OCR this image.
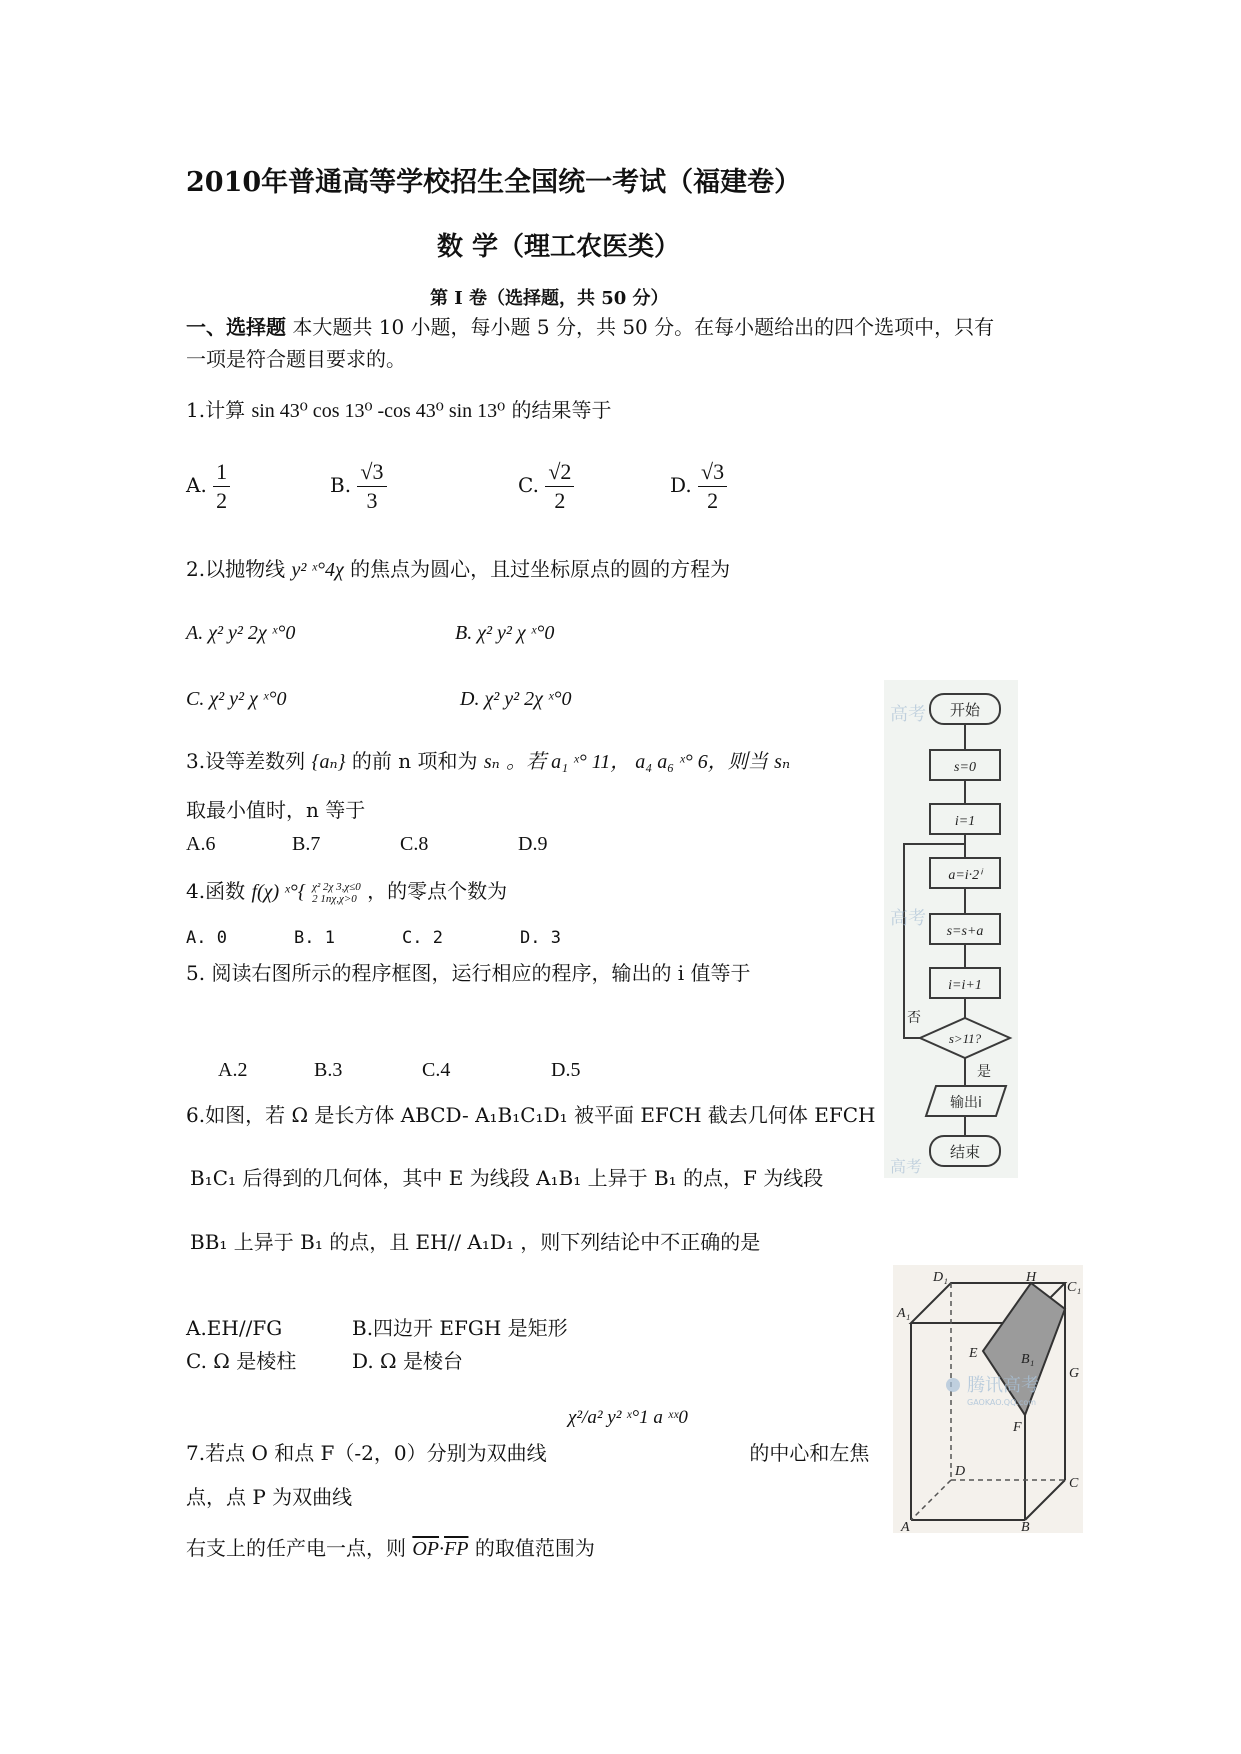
2010年普通高等学校招生全国统一考试（福建卷）
数 学（理工农医类）
第 I 卷（选择题，共 50 分）
一、选择题 本大题共 10 小题，每小题 5 分，共 50 分。在每小题给出的四个选项中，只有
一项是符合题目要求的。
1.计算 sin 43⁰ cos 13⁰ -cos 43⁰ sin 13⁰ 的结果等于
A. $\frac{1}{2}$	B. $\frac{√3}{3}$	C. $\frac{√2}{2}$	D. $\frac{√3}{2}$
2.以抛物线 y² ˣ°4χ 的焦点为圆心，且过坐标原点的圆的方程为
A. χ² y² 2χ ˣ°0	B. χ² y² χ ˣ°0
C. χ² y² χ ˣ°0	D. χ² y² 2χ ˣ°0
3.设等差数列 {aₙ} 的前 n 项和为 sₙ 。若 a₁ ˣ° 11， a₄ a₆ ˣ° 6，则当 sₙ
取最小值时，n 等于
A.6	B.7	C.8	D.9
4.函数 f(χ) ˣ°{ χ² 2χ 3,χ≤0
2 1nχ,χ>0 ，的零点个数为
A. 0	B. 1	C. 2	D. 3
5. 阅读右图所示的程序框图，运行相应的程序，输出的 i 值等于
A.2	B.3	C.4	D.5
开始
s=0
i=1
a=i·2ⁱ
s=s+a
i=i+1
s>11?
否
是
输出i
结束
高考
高考
高考
6.如图，若 Ω 是长方体 ABCD- A₁B₁C₁D₁ 被平面 EFCH 截去几何体 EFCH
B₁C₁ 后得到的几何体，其中 E 为线段 A₁B₁ 上异于 B₁ 的点，F 为线段
BB₁ 上异于 B₁ 的点，且 EH// A₁D₁ ，则下列结论中不正确的是
A.EH//FG	B.四边开 EFGH 是矩形
C. Ω 是棱柱	D. Ω 是棱台
D₁	H
C₁
A₁
E	B₁
G
F
D
C
A	B
腾讯高考
GAOKAO.QQ.com
χ²/a² y² ˣ°1 a ˣˣ0
7.若点 O 和点 F（-2，0）分别为双曲线	的中心和左焦
点，点 P 为双曲线
右支上的任产电一点，则 $\overline{OP}\cdot\overline{FP}$ 的取值范围为
